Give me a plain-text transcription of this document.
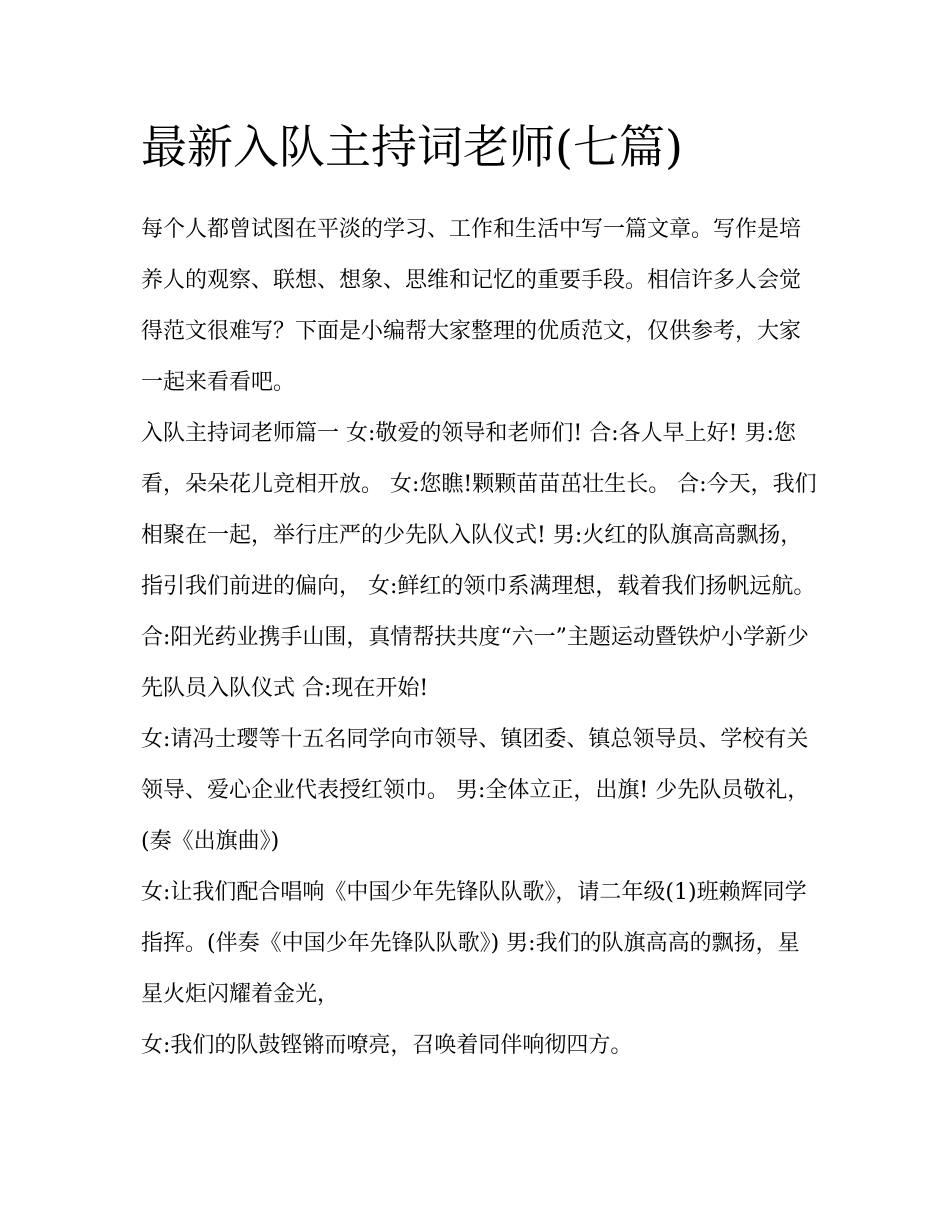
最新入队主持词老师(七篇)

每个人都曾试图在平淡的学习、工作和生活中写一篇文章。写作是培养人的观察、联想、想象、思维和记忆的重要手段。相信许多人会觉得范文很难写？下面是小编帮大家整理的优质范文，仅供参考，大家一起来看看吧。

入队主持词老师篇一 女:敬爱的领导和老师们! 合:各人早上好! 男:您看，朵朵花儿竞相开放。 女:您瞧!颗颗苗苗茁壮生长。 合:今天，我们相聚在一起，举行庄严的少先队入队仪式! 男:火红的队旗高高飘扬，指引我们前进的偏向， 女:鲜红的领巾系满理想，载着我们扬帆远航。

合:阳光药业携手山围，真情帮扶共度“六一”主题运动暨铁炉小学新少先队员入队仪式 合:现在开始!

女:请冯士璎等十五名同学向市领导、镇团委、镇总领导员、学校有关领导、爱心企业代表授红领巾。 男:全体立正，出旗! 少先队员敬礼，(奏《出旗曲》)

女:让我们配合唱响《中国少年先锋队队歌》，请二年级(1)班赖辉同学指挥。(伴奏《中国少年先锋队队歌》) 男:我们的队旗高高的飘扬，星星火炬闪耀着金光，

女:我们的队鼓铿锵而嘹亮，召唤着同伴响彻四方。
